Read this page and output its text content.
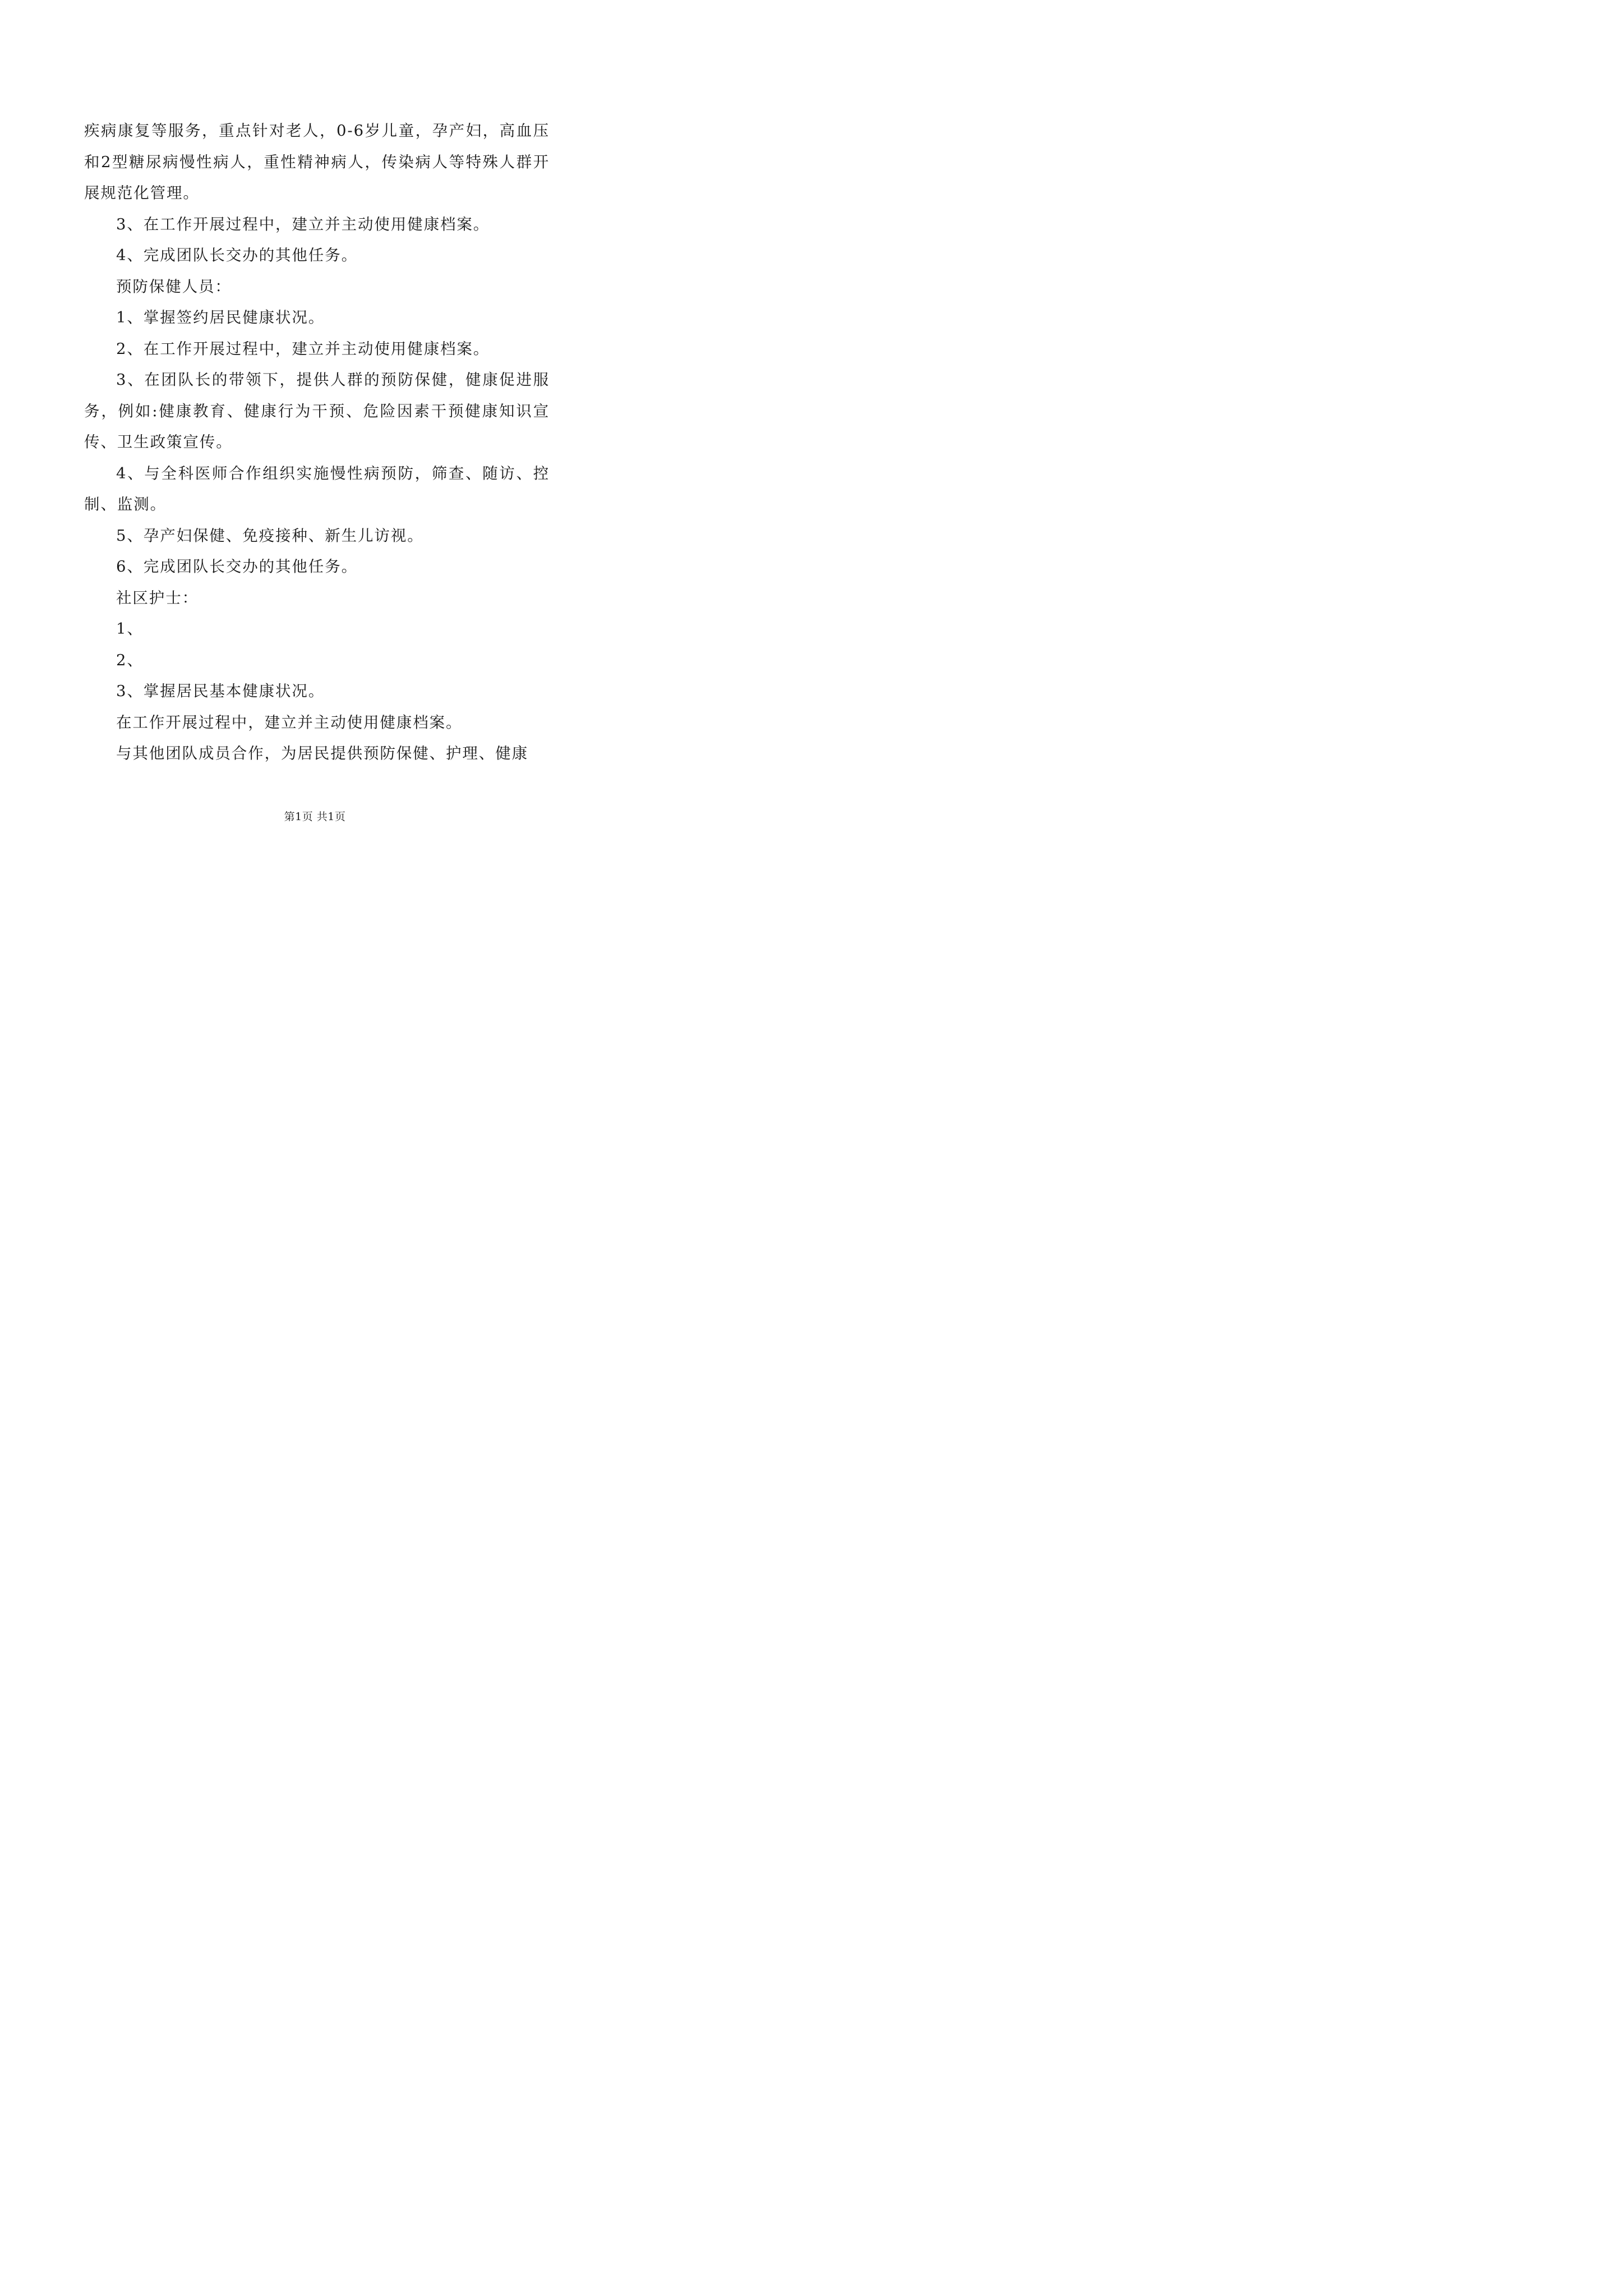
疾病康复等服务，重点针对老人，0-6岁儿童，孕产妇，高血压和2型糖尿病慢性病人，重性精神病人，传染病人等特殊人群开展规范化管理。

3、在工作开展过程中，建立并主动使用健康档案。

4、完成团队长交办的其他任务。

预防保健人员：

1、掌握签约居民健康状况。

2、在工作开展过程中，建立并主动使用健康档案。

3、在团队长的带领下，提供人群的预防保健，健康促进服务，例如:健康教育、健康行为干预、危险因素干预健康知识宣传、卫生政策宣传。

4、与全科医师合作组织实施慢性病预防，筛查、随访、控制、监测。

5、孕产妇保健、免疫接种、新生儿访视。

6、完成团队长交办的其他任务。

社区护士：

1、

2、

3、掌握居民基本健康状况。

在工作开展过程中，建立并主动使用健康档案。

与其他团队成员合作，为居民提供预防保健、护理、健康

第1页 共1页
